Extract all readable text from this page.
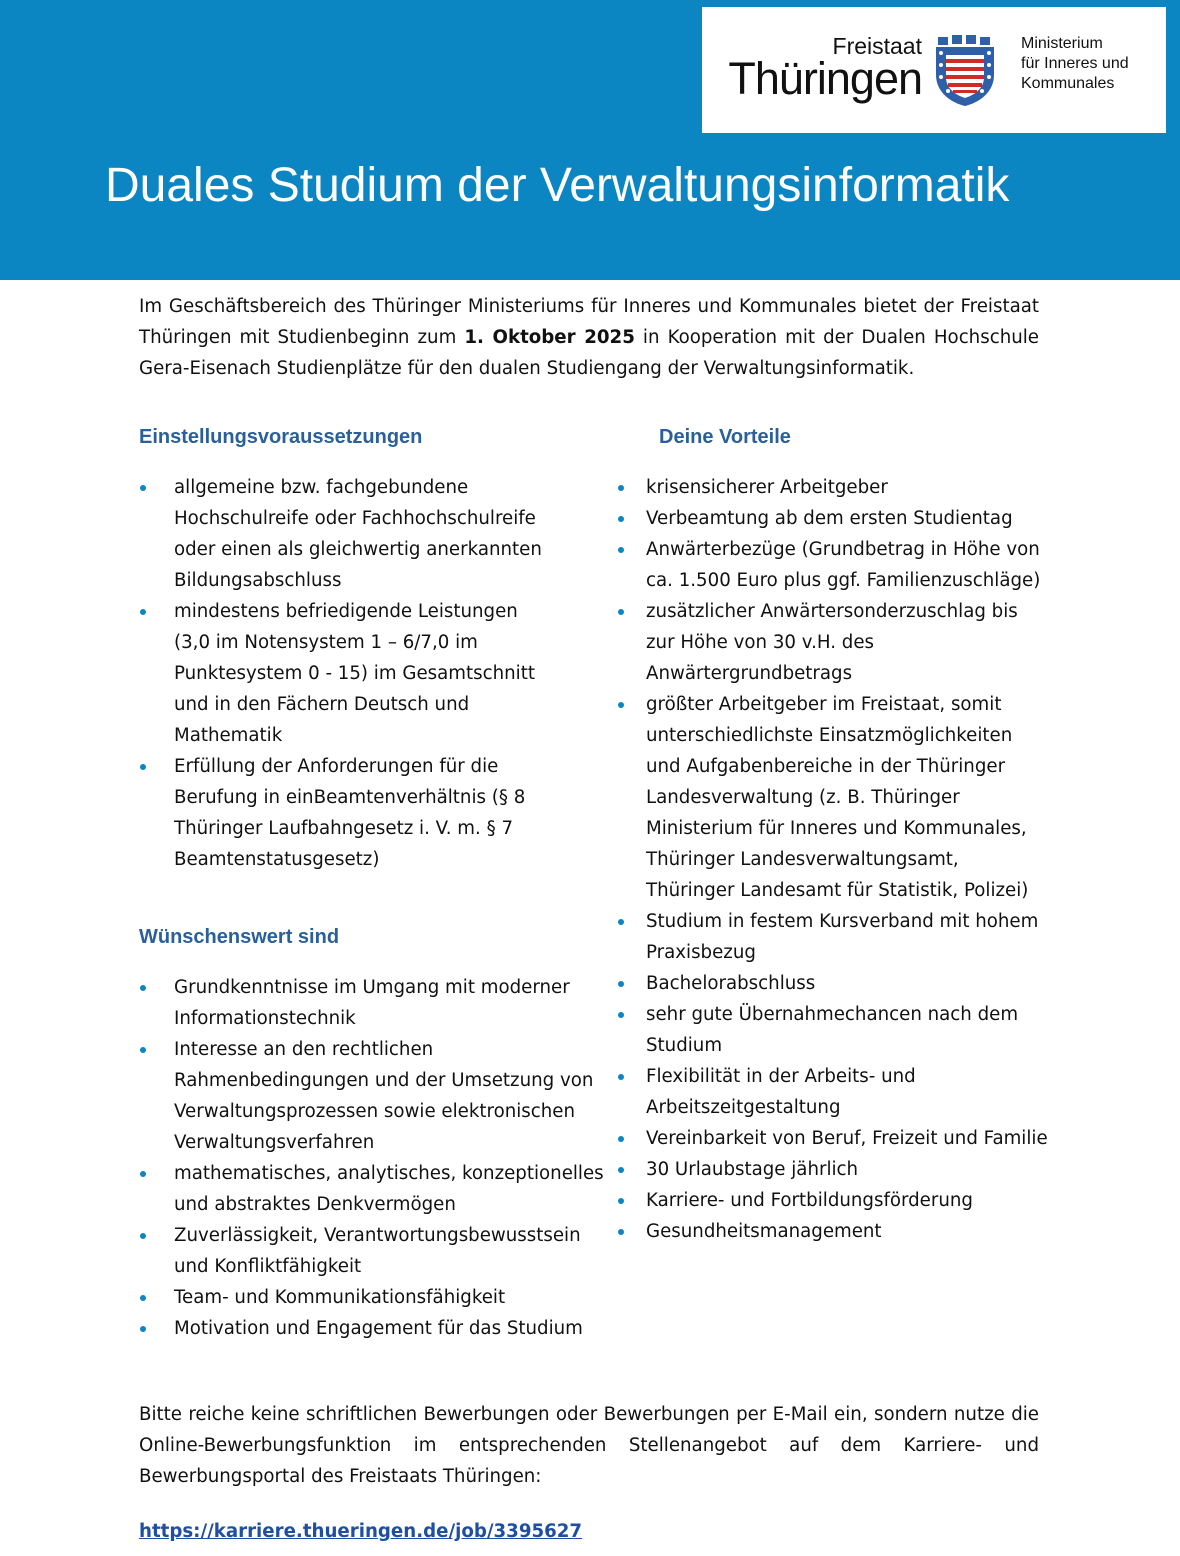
Freistaat
Thüringen
Ministerium
für Inneres und
Kommunales
Duales Studium der Verwaltungsinformatik

Im Geschäftsbereich des Thüringer Ministeriums für Inneres und Kommunales bietet der Freistaat Thüringen mit Studienbeginn zum 1. Oktober 2025 in Kooperation mit der Dualen Hochschule Gera-Eisenach Studienplätze für den dualen Studiengang der Verwaltungsinformatik.

Einstellungsvoraussetzungen
allgemeine bzw. fachgebundene Hochschulreife oder Fachhochschulreife oder einen als gleichwertig anerkannten Bildungsabschluss
mindestens befriedigende Leistungen (3,0 im Notensystem 1 – 6/7,0 im Punktesystem 0 - 15) im Gesamtschnitt und in den Fächern Deutsch und Mathematik
Erfüllung der Anforderungen für die Berufung in einBeamtenverhältnis (§ 8 Thüringer Laufbahngesetz i. V. m. § 7 Beamtenstatusgesetz)
Wünschenswert sind
Grundkenntnisse im Umgang mit moderner Informationstechnik
Interesse an den rechtlichen Rahmenbedingungen und der Umsetzung von Verwaltungsprozessen sowie elektronischen Verwaltungsverfahren
mathematisches, analytisches, konzeptionelles und abstraktes Denkvermögen
Zuverlässigkeit, Verantwortungsbewusstsein und Konfliktfähigkeit
Team- und Kommunikationsfähigkeit
Motivation und Engagement für das Studium
Deine Vorteile
krisensicherer Arbeitgeber
Verbeamtung ab dem ersten Studientag
Anwärterbezüge (Grundbetrag in Höhe von ca. 1.500 Euro plus ggf. Familienzuschläge)
zusätzlicher Anwärtersonderzuschlag bis zur Höhe von 30 v.H. des Anwärtergrundbetrags
größter Arbeitgeber im Freistaat, somit unterschiedlichste Einsatzmöglichkeiten und Aufgabenbereiche in der Thüringer Landesverwaltung (z. B. Thüringer Ministerium für Inneres und Kommunales, Thüringer Landesverwaltungsamt, Thüringer Landesamt für Statistik, Polizei)
Studium in festem Kursverband mit hohem Praxisbezug
Bachelorabschluss
sehr gute Übernahmechancen nach dem Studium
Flexibilität in der Arbeits- und Arbeitszeitgestaltung
Vereinbarkeit von Beruf, Freizeit und Familie
30 Urlaubstage jährlich
Karriere- und Fortbildungsförderung
Gesundheitsmanagement

Bitte reiche keine schriftlichen Bewerbungen oder Bewerbungen per E-Mail ein, sondern nutze die Online-Bewerbungsfunktion im entsprechenden Stellenangebot auf dem Karriere- und Bewerbungsportal des Freistaats Thüringen:

https://karriere.thueringen.de/job/3395627
